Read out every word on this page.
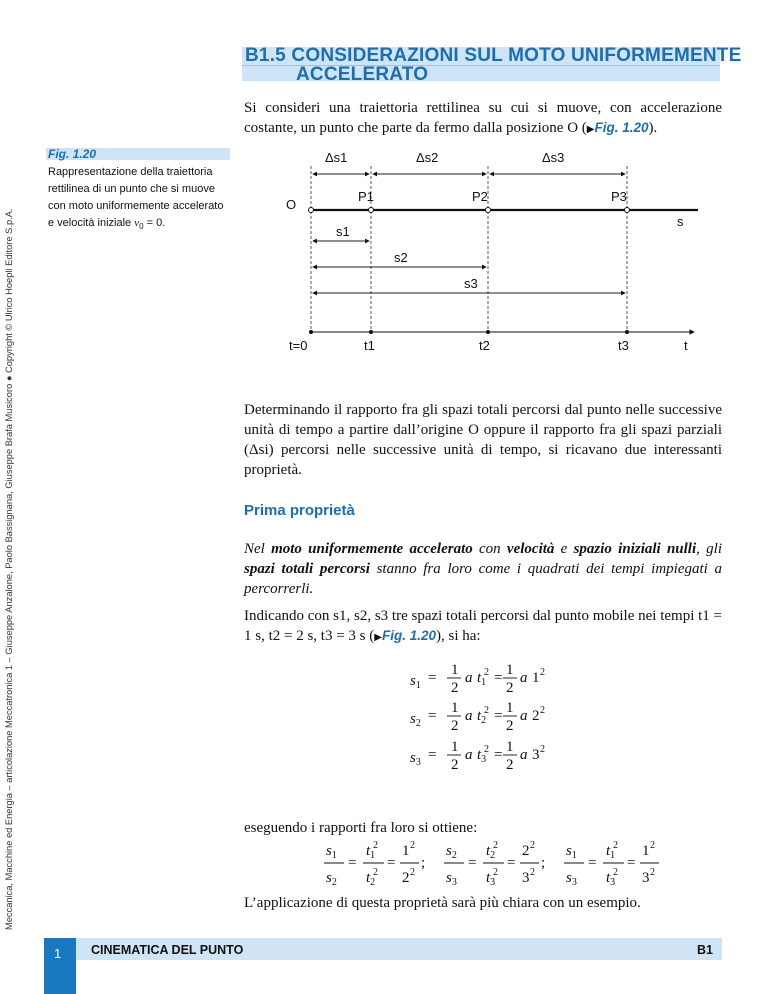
Meccanica, Macchine ed Energia – articolazione Meccatronica 1 – Giuseppe Anzalone, Paolo Bassignana, Giuseppe Brafa Musicoro ● Copyright © Ulrico Hoepli Editore S.p.A.
B1.5 CONSIDERAZIONI SUL MOTO UNIFORMEMENTE
ACCELERATO
Si consideri una traiettoria rettilinea su cui si muove, con accelerazione costante, un punto che parte da fermo dalla posizione O (▶Fig. 1.20).
Fig. 1.20
Rappresentazione della traiettoria rettilinea di un punto che si muove con moto uniformemente accelerato e velocità iniziale $v_0 = 0$.
Δs1	Δs2	Δs3
O
P1	P2	P3
s
s1
s2
s3
t=0	t1	t2	t3	t
Determinando il rapporto fra gli spazi totali percorsi dal punto nelle successive unità di tempo a partire dall’origine O oppure il rapporto fra gli spazi parziali (Δsi) percorsi nelle successive unità di tempo, si ricavano due interessanti proprietà.
Prima proprietà
Nel moto uniformemente accelerato con velocità e spazio iniziali nulli, gli spazi totali percorsi stanno fra loro come i quadrati dei tempi impiegati a percorrerli.
Indicando con s1, s2, s3 tre spazi totali percorsi dal punto mobile nei tempi t1 = 1 s, t2 = 2 s, t3 = 3 s (▶Fig. 1.20), si ha:
$s_1 = 1$
2
a $t_1$
2 = 1
2
a 1 2
$s_2 = 1$
2
a $t_2$
2 = 1
2
a 2 2
$s_3 = 1$
2
a $t_3$
2 = 1
2
a 3 2
eseguendo i rapporti fra loro si ottiene:
$s_1$
$s_2$
=
$t_1$
2
$t_2$
2
=
1 2
2 2
;
$s_2$
$s_3$
=
$t_2$
2
$t_3$
2
=
2 2
3 2
;
$s_1$
$s_3$
=
$t_1$
2
$t_3$
2
=
1 2
3 2
L’applicazione di questa proprietà sarà più chiara con un esempio.
1 CINEMATICA DEL PUNTO	B1
